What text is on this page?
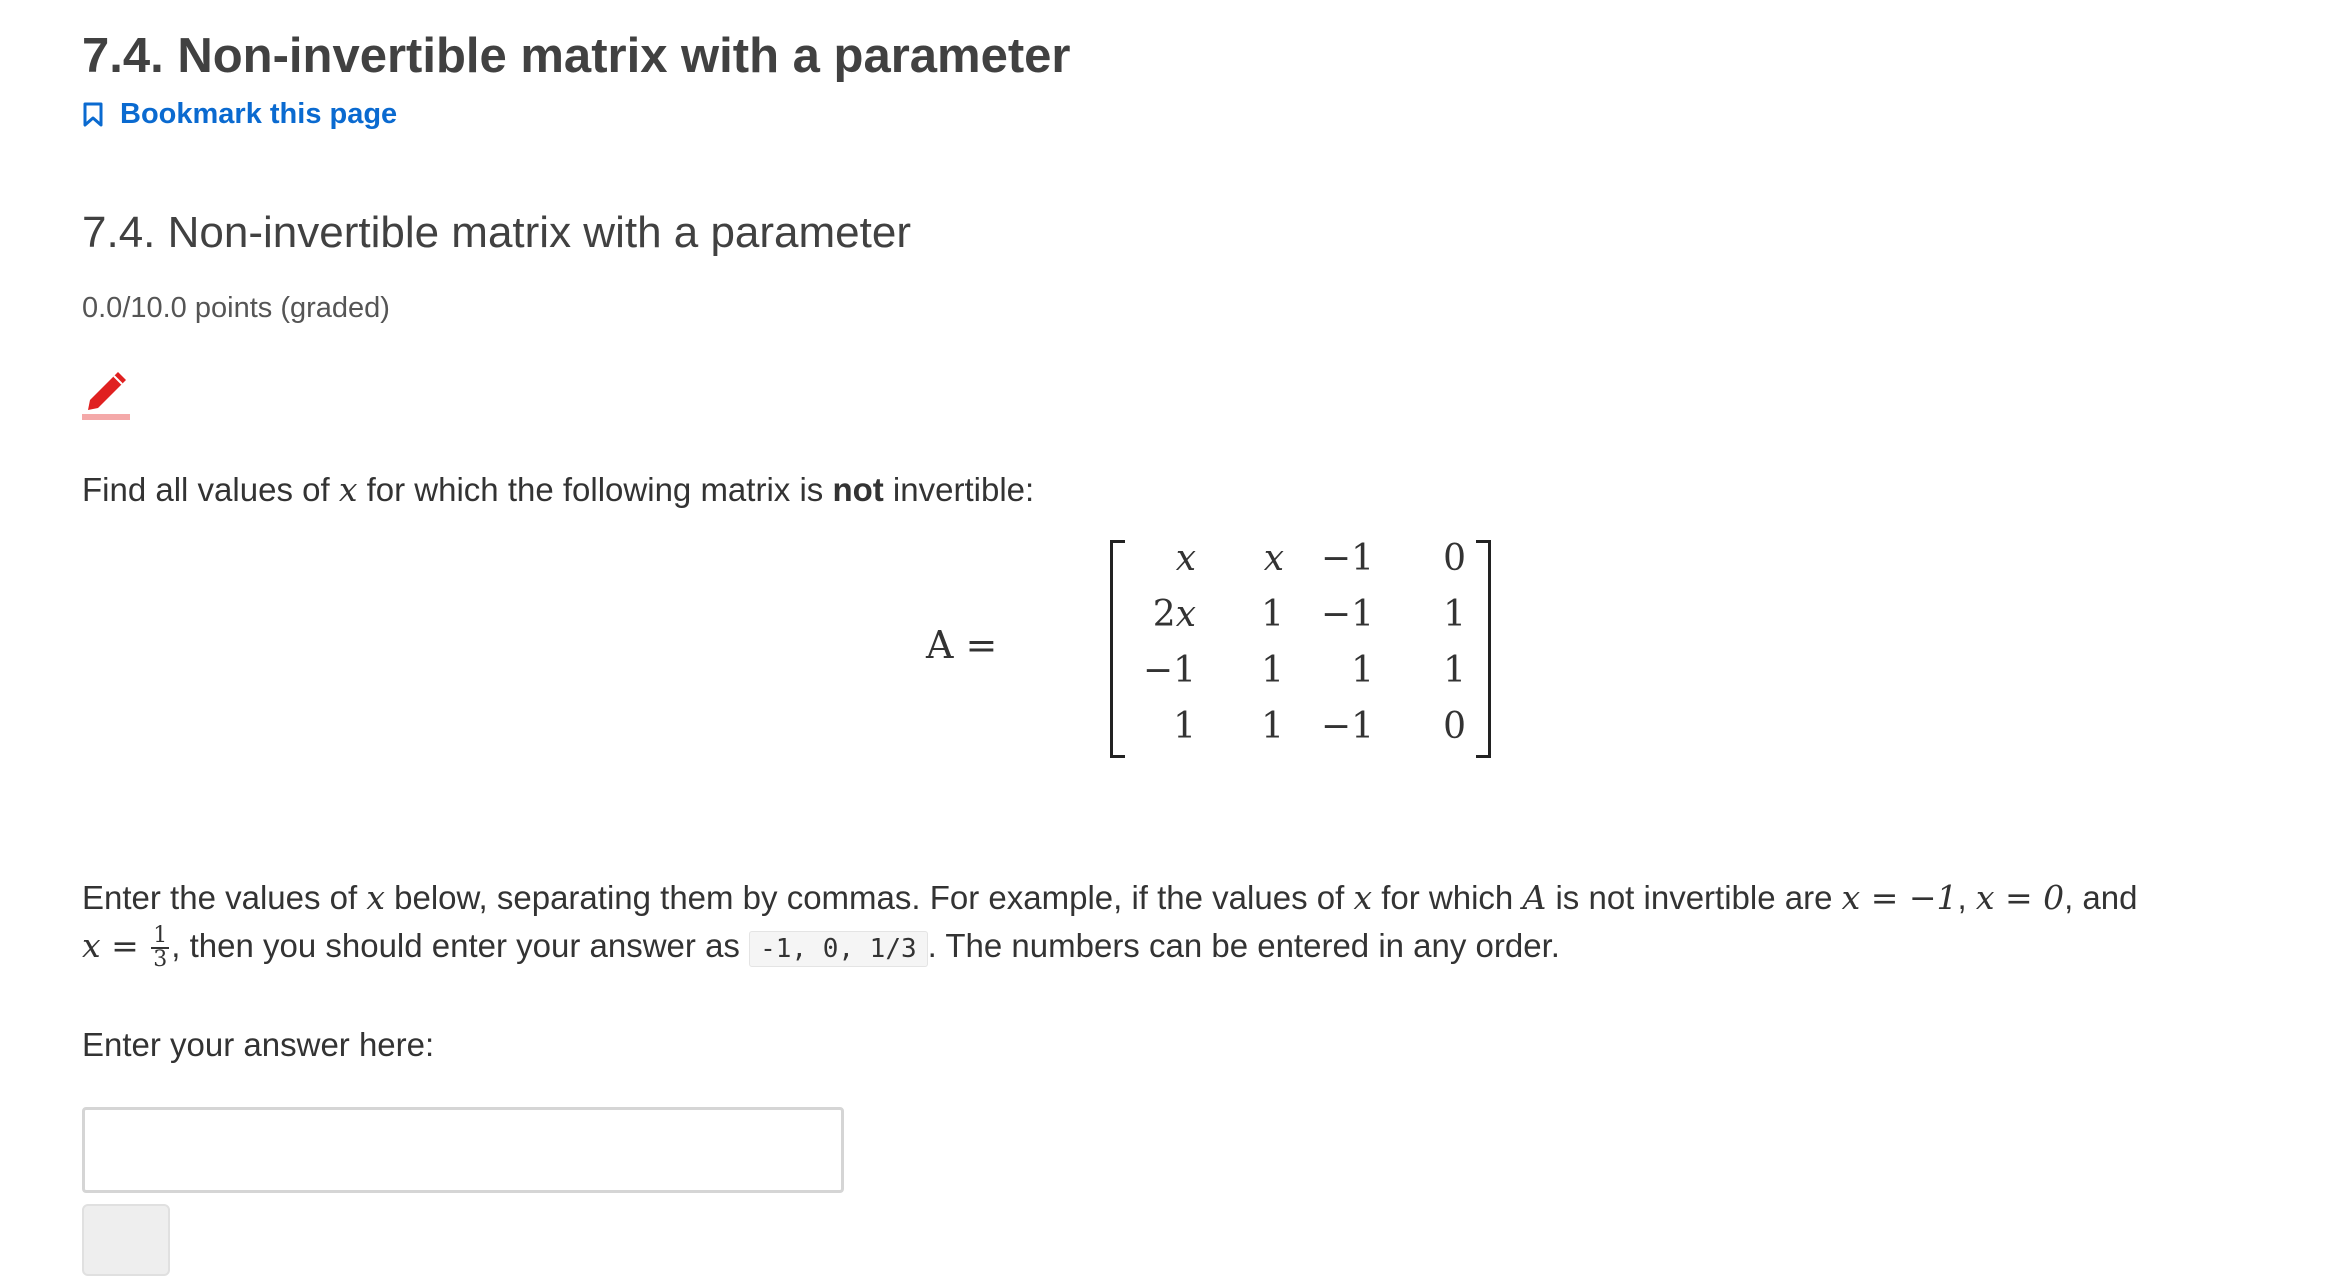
7.4. Non-invertible matrix with a parameter
Bookmark this page
7.4. Non-invertible matrix with a parameter
0.0/10.0 points (graded)
Find all values of x for which the following matrix is not invertible:
A =
x	x	−1	0
2x	1	−1	1
−1	1	1	1
1	1	−1	0

Enter the values of x below, separating them by commas. For example, if the values of x for which A is not invertible are x = −1, x = 0, and

$x = \frac{1}{3}$ , then you should enter your answer as -1, 0, 1/3 . The numbers can be entered in any order.

Enter your answer here:
